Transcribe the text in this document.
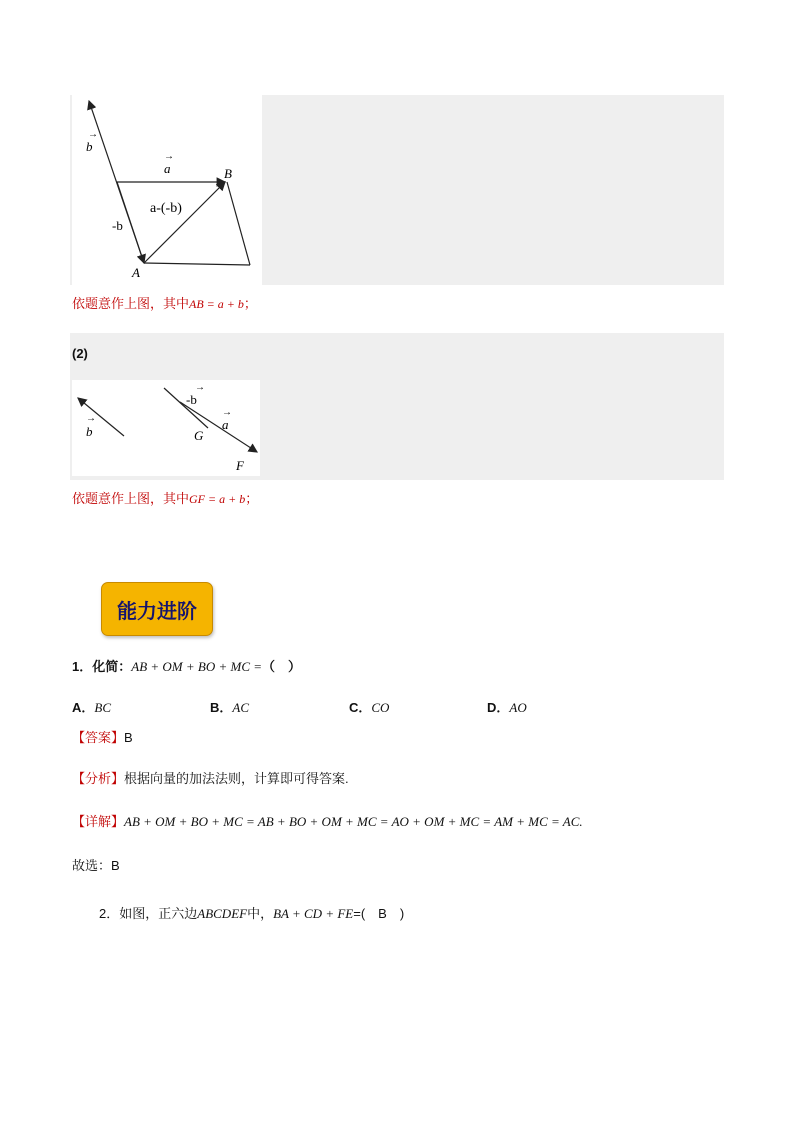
b
→
a
→
B
a-(-b)
-b
A
依题意作上图，其中AB = a + b；
(2)
-b
→
b
→	a
→
G
F
依题意作上图，其中GF = a + b；
能力进阶
1．化简：AB + OM + BO + MC =（　）
A．BC	B．AC	C．CO	D．AO
【答案】B
【分析】根据向量的加法法则，计算即可得答案.
【详解】AB + OM + BO + MC = AB + BO + OM + MC = AO + OM + MC = AM + MC = AC.
故选：B
2．如图，正六边ABCDEF中，BA + CD + FE=(　B　)
